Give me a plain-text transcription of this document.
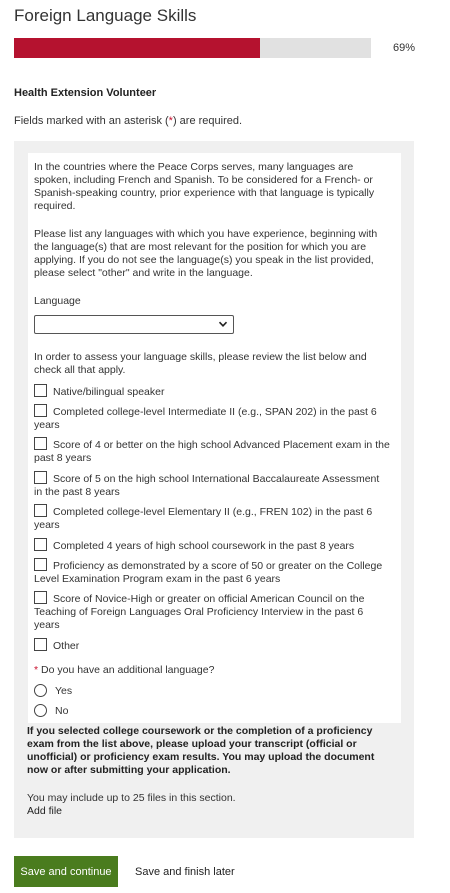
Foreign Language Skills
69%
Health Extension Volunteer
Fields marked with an asterisk (*) are required.
In the countries where the Peace Corps serves, many languages are spoken, including French and Spanish. To be considered for a French- or Spanish-speaking country, prior experience with that language is typically required.
Please list any languages with which you have experience, beginning with the language(s) that are most relevant for the position for which you are applying. If you do not see the language(s) you speak in the list provided, please select "other" and write in the language.
Language
In order to assess your language skills, please review the list below and check all that apply.
Native/bilingual speaker
Completed college-level Intermediate II (e.g., SPAN 202) in the past 6 years
Score of 4 or better on the high school Advanced Placement exam in the past 8 years
Score of 5 on the high school International Baccalaureate Assessment in the past 8 years
Completed college-level Elementary II (e.g., FREN 102) in the past 6 years
Completed 4 years of high school coursework in the past 8 years
Proficiency as demonstrated by a score of 50 or greater on the College Level Examination Program exam in the past 6 years
Score of Novice-High or greater on official American Council on the Teaching of Foreign Languages Oral Proficiency Interview in the past 6 years
Other
* Do you have an additional language?
Yes
No
If you selected college coursework or the completion of a proficiency exam from the list above, please upload your transcript (official or unofficial) or proficiency exam results. You may upload the document now or after submitting your application.
You may include up to 25 files in this section.
Add file
Save and continue	Save and finish later
